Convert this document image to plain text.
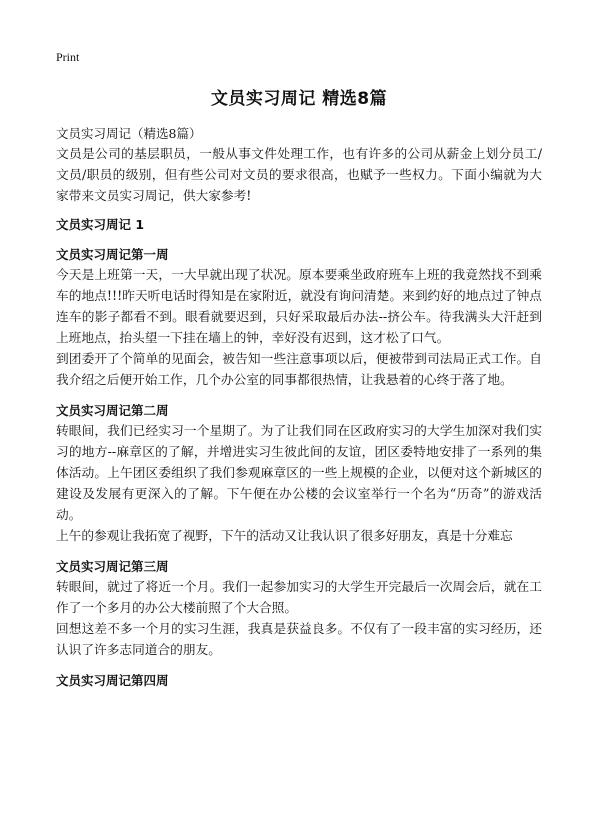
Print
文员实习周记 精选8篇
文员实习周记（精选8篇）

文员是公司的基层职员，一般从事文件处理工作，也有许多的公司从薪金上划分员工/文员/职员的级别，但有些公司对文员的要求很高，也赋予一些权力。下面小编就为大家带来文员实习周记，供大家参考!

文员实习周记 1
文员实习周记第一周

今天是上班第一天，一大早就出现了状况。原本要乘坐政府班车上班的我竟然找不到乘车的地点!!!昨天听电话时得知是在家附近，就没有询问清楚。来到约好的地点过了钟点连车的影子都看不到。眼看就要迟到，只好采取最后办法--挤公车。待我满头大汗赶到上班地点，抬头望一下挂在墙上的钟，幸好没有迟到，这才松了口气。

到团委开了个简单的见面会，被告知一些注意事项以后，便被带到司法局正式工作。自我介绍之后便开始工作，几个办公室的同事都很热情，让我悬着的心终于落了地。

文员实习周记第二周

转眼间，我们已经实习一个星期了。为了让我们同在区政府实习的大学生加深对我们实习的地方--麻章区的了解，并增进实习生彼此间的友谊，团区委特地安排了一系列的集体活动。上午团区委组织了我们参观麻章区的一些上规模的企业，以便对这个新城区的建设及发展有更深入的了解。下午便在办公楼的会议室举行一个名为“历奇”的游戏活动。

上午的参观让我拓宽了视野，下午的活动又让我认识了很多好朋友，真是十分难忘

文员实习周记第三周

转眼间，就过了将近一个月。我们一起参加实习的大学生开完最后一次周会后，就在工作了一个多月的办公大楼前照了个大合照。

回想这差不多一个月的实习生涯，我真是获益良多。不仅有了一段丰富的实习经历，还认识了许多志同道合的朋友。

文员实习周记第四周
